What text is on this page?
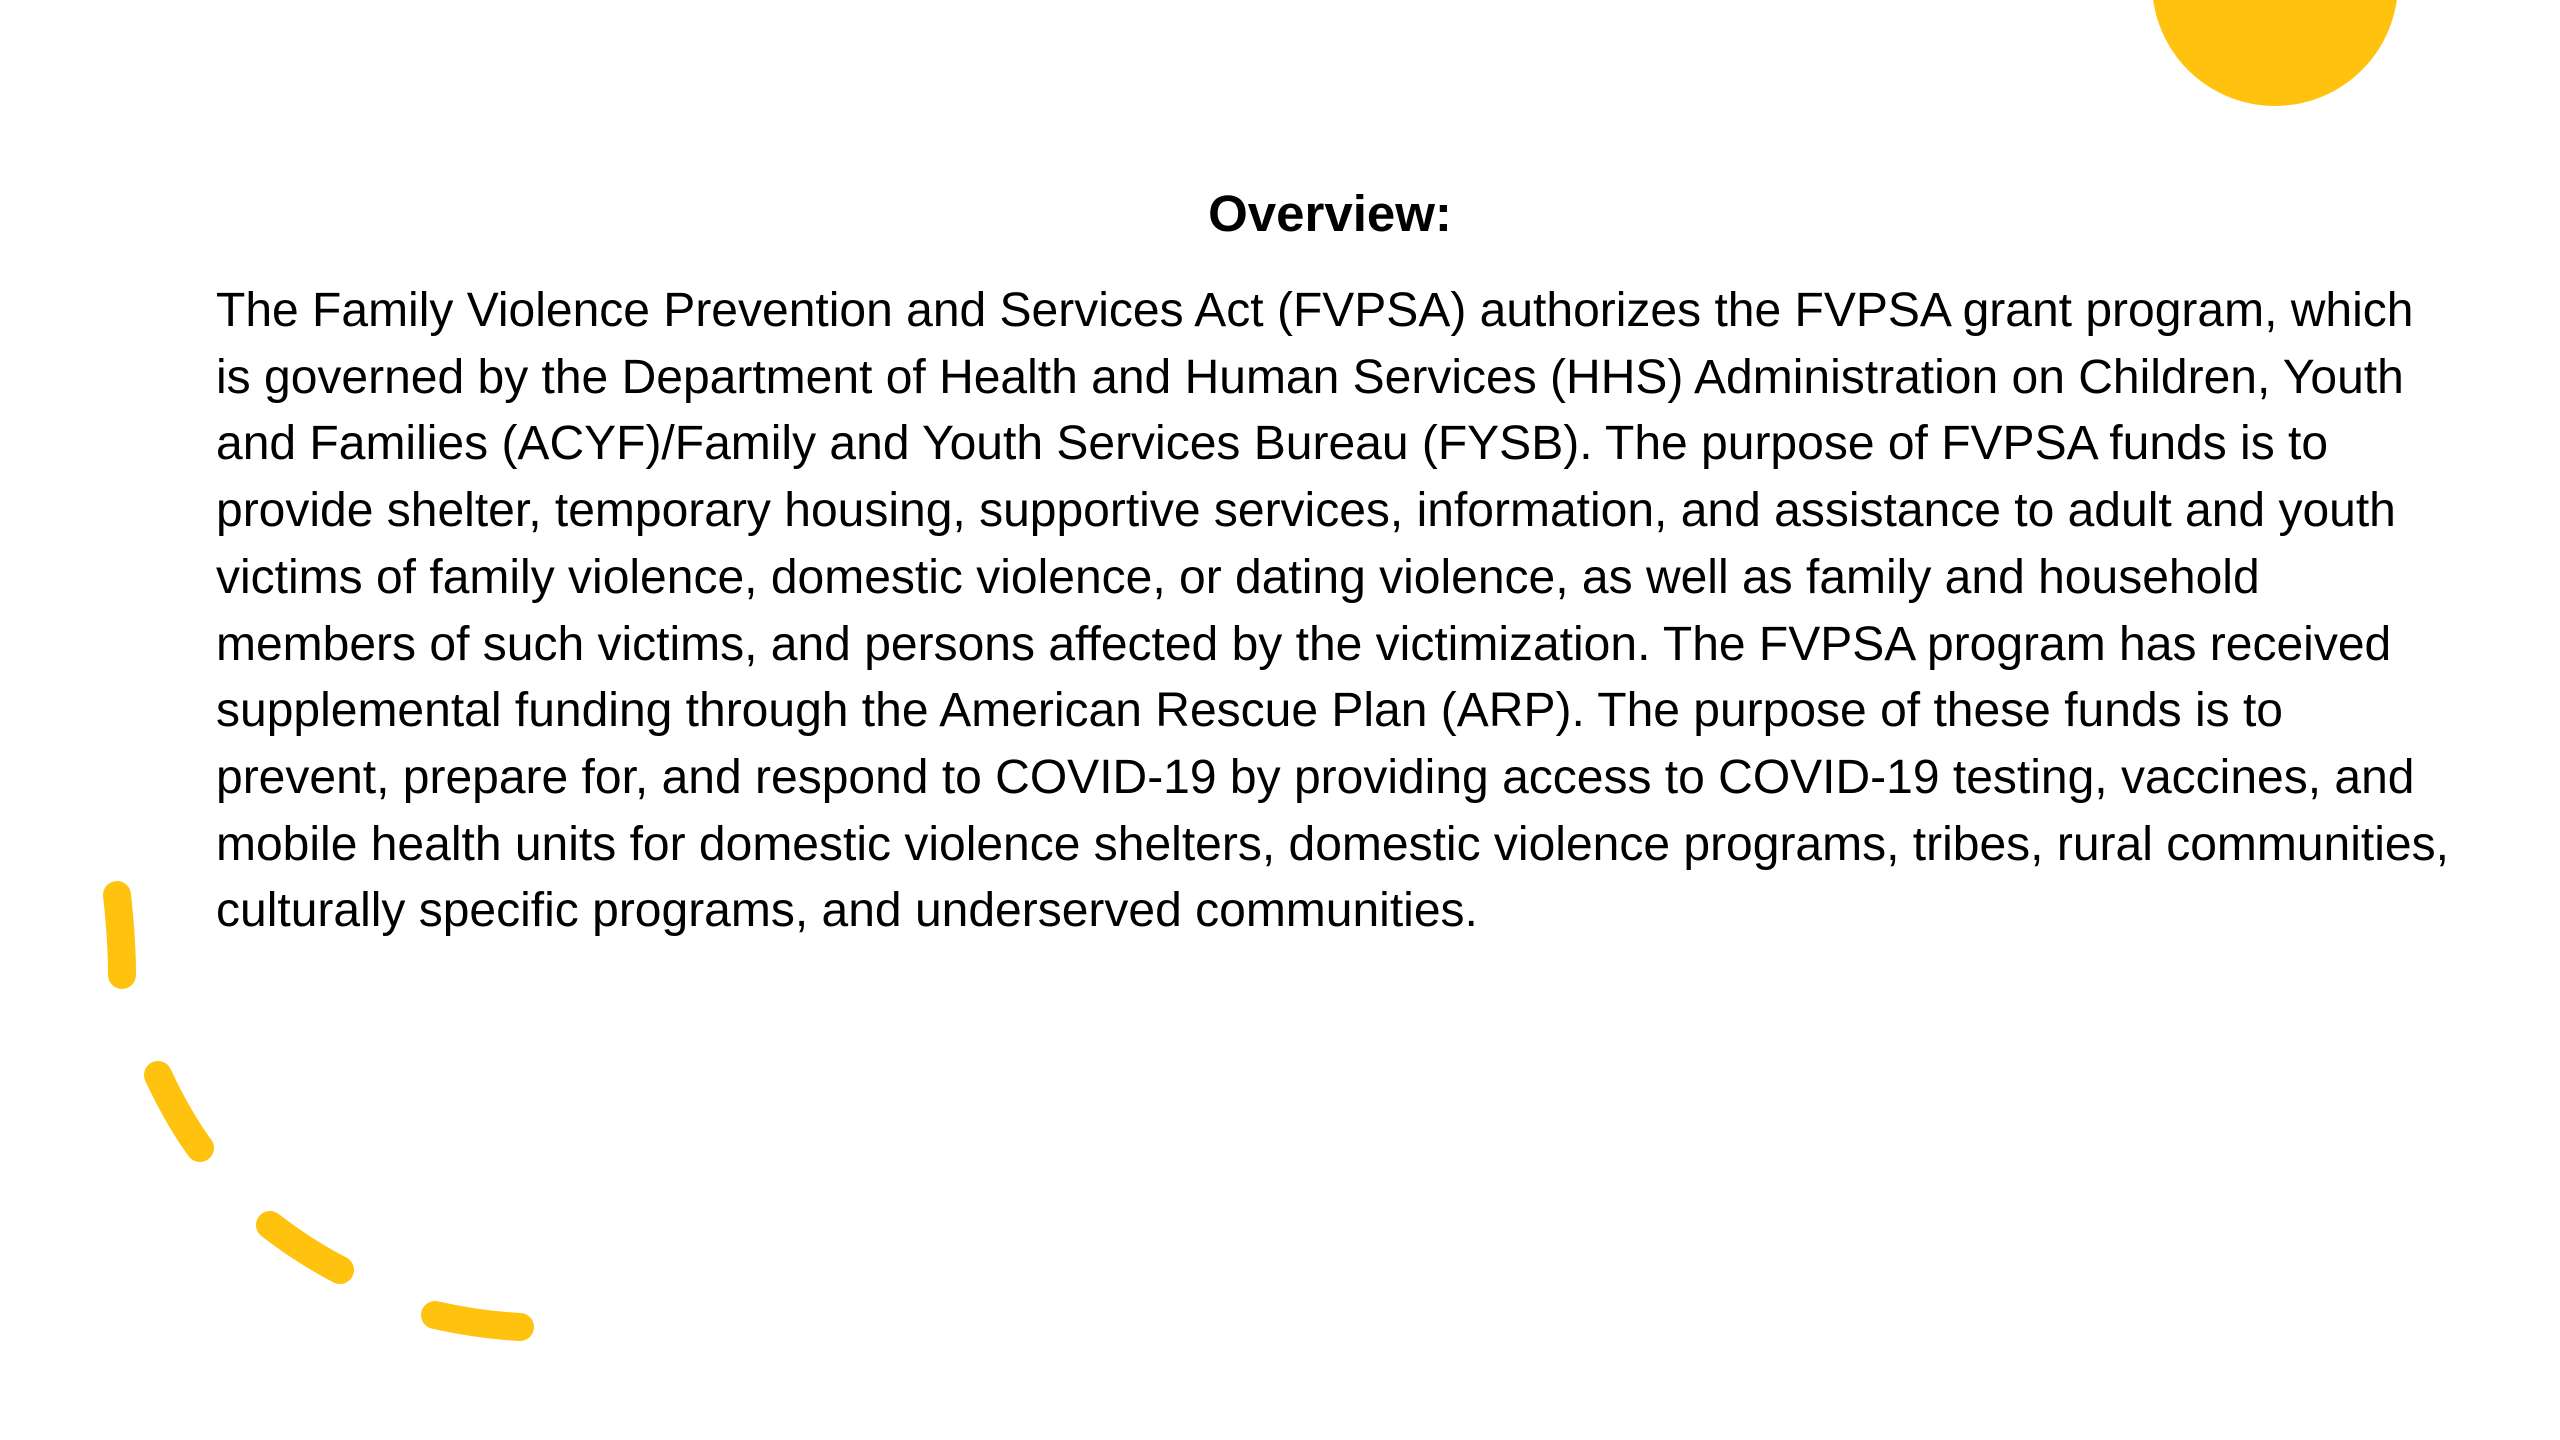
Overview:

The Family Violence Prevention and Services Act (FVPSA) authorizes the FVPSA grant program, which is governed by the Department of Health and Human Services (HHS) Administration on Children, Youth and Families (ACYF)/Family and Youth Services Bureau (FYSB). The purpose of FVPSA funds is to provide shelter, temporary housing, supportive services, information, and assistance to adult and youth victims of family violence, domestic violence, or dating violence, as well as family and household members of such victims, and persons affected by the victimization. The FVPSA program has received supplemental funding through the American Rescue Plan (ARP). The purpose of these funds is to prevent, prepare for, and respond to COVID-19 by providing access to COVID-19 testing, vaccines, and mobile health units for domestic violence shelters, domestic violence programs, tribes, rural communities, culturally specific programs, and underserved communities.
